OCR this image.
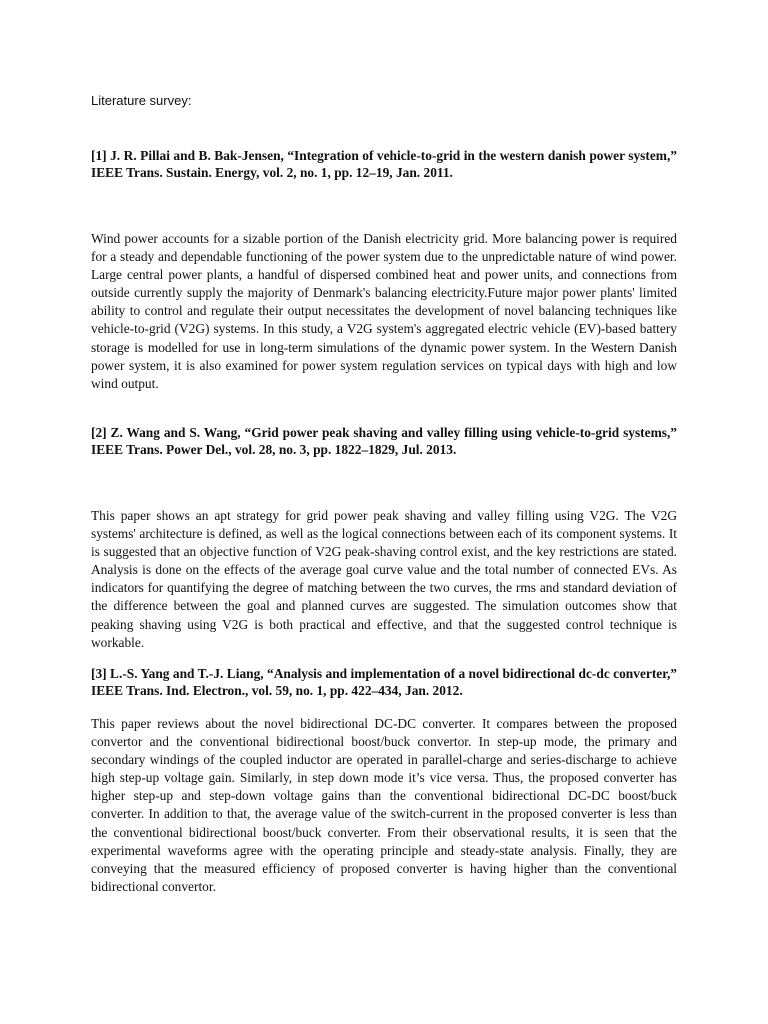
Literature survey:

[1] J. R. Pillai and B. Bak-Jensen, “Integration of vehicle-to-grid in the western danish power system,” IEEE Trans. Sustain. Energy, vol. 2, no. 1, pp. 12–19, Jan. 2011.

Wind power accounts for a sizable portion of the Danish electricity grid. More balancing power is required for a steady and dependable functioning of the power system due to the unpredictable nature of wind power. Large central power plants, a handful of dispersed combined heat and power units, and connections from outside currently supply the majority of Denmark's balancing electricity.Future major power plants' limited ability to control and regulate their output necessitates the development of novel balancing techniques like vehicle-to-grid (V2G) systems. In this study, a V2G system's aggregated electric vehicle (EV)-based battery storage is modelled for use in long-term simulations of the dynamic power system. In the Western Danish power system, it is also examined for power system regulation services on typical days with high and low wind output.

[2] Z. Wang and S. Wang, “Grid power peak shaving and valley filling using vehicle-to-grid systems,” IEEE Trans. Power Del., vol. 28, no. 3, pp. 1822–1829, Jul. 2013.

This paper shows an apt strategy for grid power peak shaving and valley filling using V2G. The V2G systems' architecture is defined, as well as the logical connections between each of its component systems. It is suggested that an objective function of V2G peak-shaving control exist, and the key restrictions are stated. Analysis is done on the effects of the average goal curve value and the total number of connected EVs. As indicators for quantifying the degree of matching between the two curves, the rms and standard deviation of the difference between the goal and planned curves are suggested. The simulation outcomes show that peaking shaving using V2G is both practical and effective, and that the suggested control technique is workable.

[3] L.-S. Yang and T.-J. Liang, “Analysis and implementation of a novel bidirectional dc-dc converter,” IEEE Trans. Ind. Electron., vol. 59, no. 1, pp. 422–434, Jan. 2012.

This paper reviews about the novel bidirectional DC-DC converter. It compares between the proposed convertor and the conventional bidirectional boost/buck convertor. In step-up mode, the primary and secondary windings of the coupled inductor are operated in parallel-charge and series-discharge to achieve high step-up voltage gain. Similarly, in step down mode it’s vice versa. Thus, the proposed converter has higher step-up and step-down voltage gains than the conventional bidirectional DC-DC boost/buck converter. In addition to that, the average value of the switch-current in the proposed converter is less than the conventional bidirectional boost/buck converter. From their observational results, it is seen that the experimental waveforms agree with the operating principle and steady-state analysis. Finally, they are conveying that the measured efficiency of proposed converter is having higher than the conventional bidirectional convertor.
